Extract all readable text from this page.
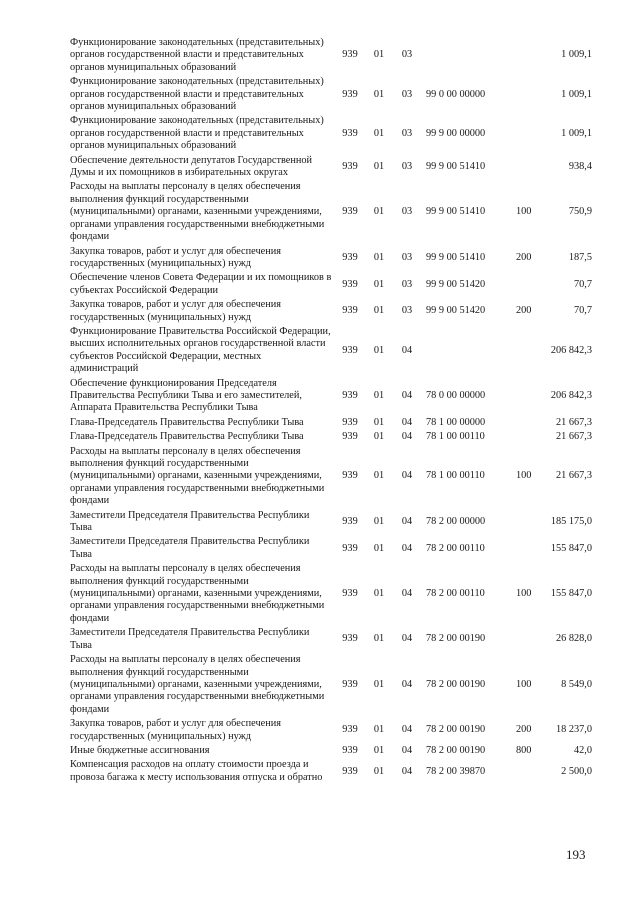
Функционирование законодательных (представительных) органов государственной власти и представительных органов муниципальных образований	939	01	03			1 009,1
Функционирование законодательных (представительных) органов государственной власти и представительных органов муниципальных образований	939	01	03	99 0 00 00000		1 009,1
Функционирование законодательных (представительных) органов государственной власти и представительных органов муниципальных образований	939	01	03	99 9 00 00000		1 009,1
Обеспечение деятельности депутатов Государственной Думы и их помощников в избирательных округах	939	01	03	99 9 00 51410		938,4
Расходы на выплаты персоналу в целях обеспечения выполнения функций государственными (муниципальными) органами, казенными учреждениями, органами управления государственными внебюджетными фондами	939	01	03	99 9 00 51410	100	750,9
Закупка товаров, работ и услуг для обеспечения государственных (муниципальных) нужд	939	01	03	99 9 00 51410	200	187,5
Обеспечение членов Совета Федерации и их помощников в субъектах Российской Федерации	939	01	03	99 9 00 51420		70,7
Закупка товаров, работ и услуг для обеспечения государственных (муниципальных) нужд	939	01	03	99 9 00 51420	200	70,7
Функционирование Правительства Российской Федерации, высших исполнительных органов государственной власти субъектов Российской Федерации, местных администраций	939	01	04			206 842,3
Обеспечение функционирования Председателя Правительства Республики Тыва и его заместителей, Аппарата Правительства Республики Тыва	939	01	04	78 0 00 00000		206 842,3
Глава-Председатель Правительства Республики Тыва	939	01	04	78 1 00 00000		21 667,3
Глава-Председатель Правительства Республики Тыва	939	01	04	78 1 00 00110		21 667,3
Расходы на выплаты персоналу в целях обеспечения выполнения функций государственными (муниципальными) органами, казенными учреждениями, органами управления государственными внебюджетными фондами	939	01	04	78 1 00 00110	100	21 667,3
Заместители Председателя Правительства Республики Тыва	939	01	04	78 2 00 00000		185 175,0
Заместители Председателя Правительства Республики Тыва	939	01	04	78 2 00 00110		155 847,0
Расходы на выплаты персоналу в целях обеспечения выполнения функций государственными (муниципальными) органами, казенными учреждениями, органами управления государственными внебюджетными фондами	939	01	04	78 2 00 00110	100	155 847,0
Заместители Председателя Правительства Республики Тыва	939	01	04	78 2 00 00190		26 828,0
Расходы на выплаты персоналу в целях обеспечения выполнения функций государственными (муниципальными) органами, казенными учреждениями, органами управления государственными внебюджетными фондами	939	01	04	78 2 00 00190	100	8 549,0
Закупка товаров, работ и услуг для обеспечения государственных (муниципальных) нужд	939	01	04	78 2 00 00190	200	18 237,0
Иные бюджетные ассигнования	939	01	04	78 2 00 00190	800	42,0
Компенсация расходов на оплату стоимости проезда и провоза багажа к месту использования отпуска и обратно	939	01	04	78 2 00 39870		2 500,0
193
